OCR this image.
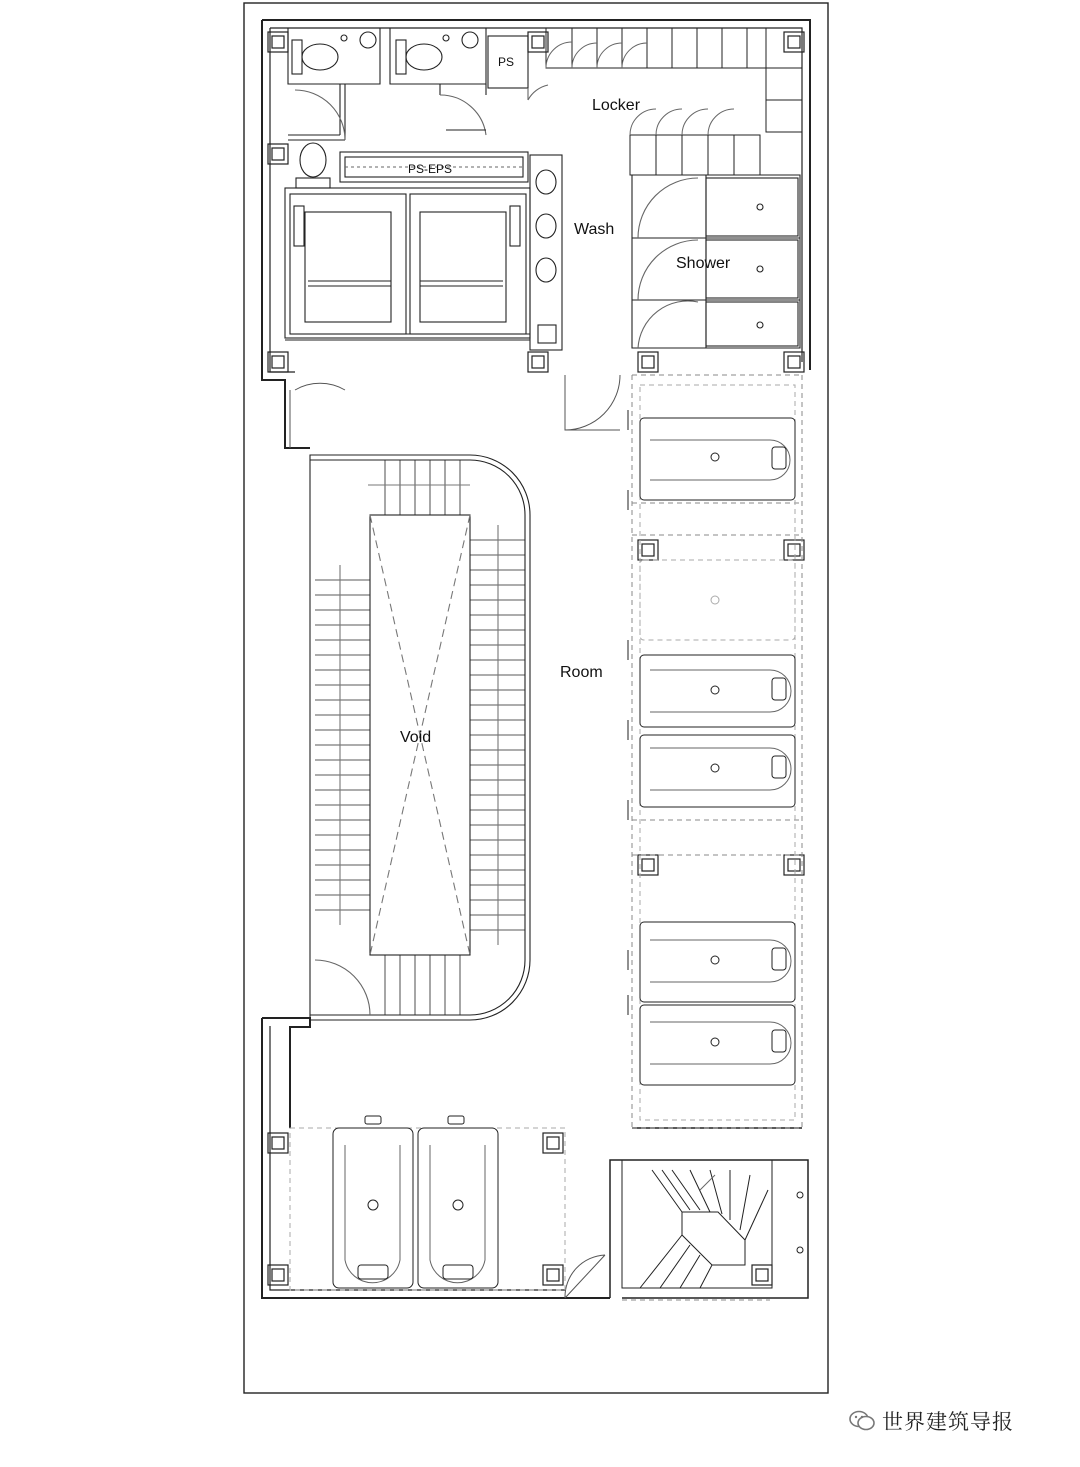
PS
PS-EPS
Locker
Wash
Shower
Room
Void
世界建筑导报
